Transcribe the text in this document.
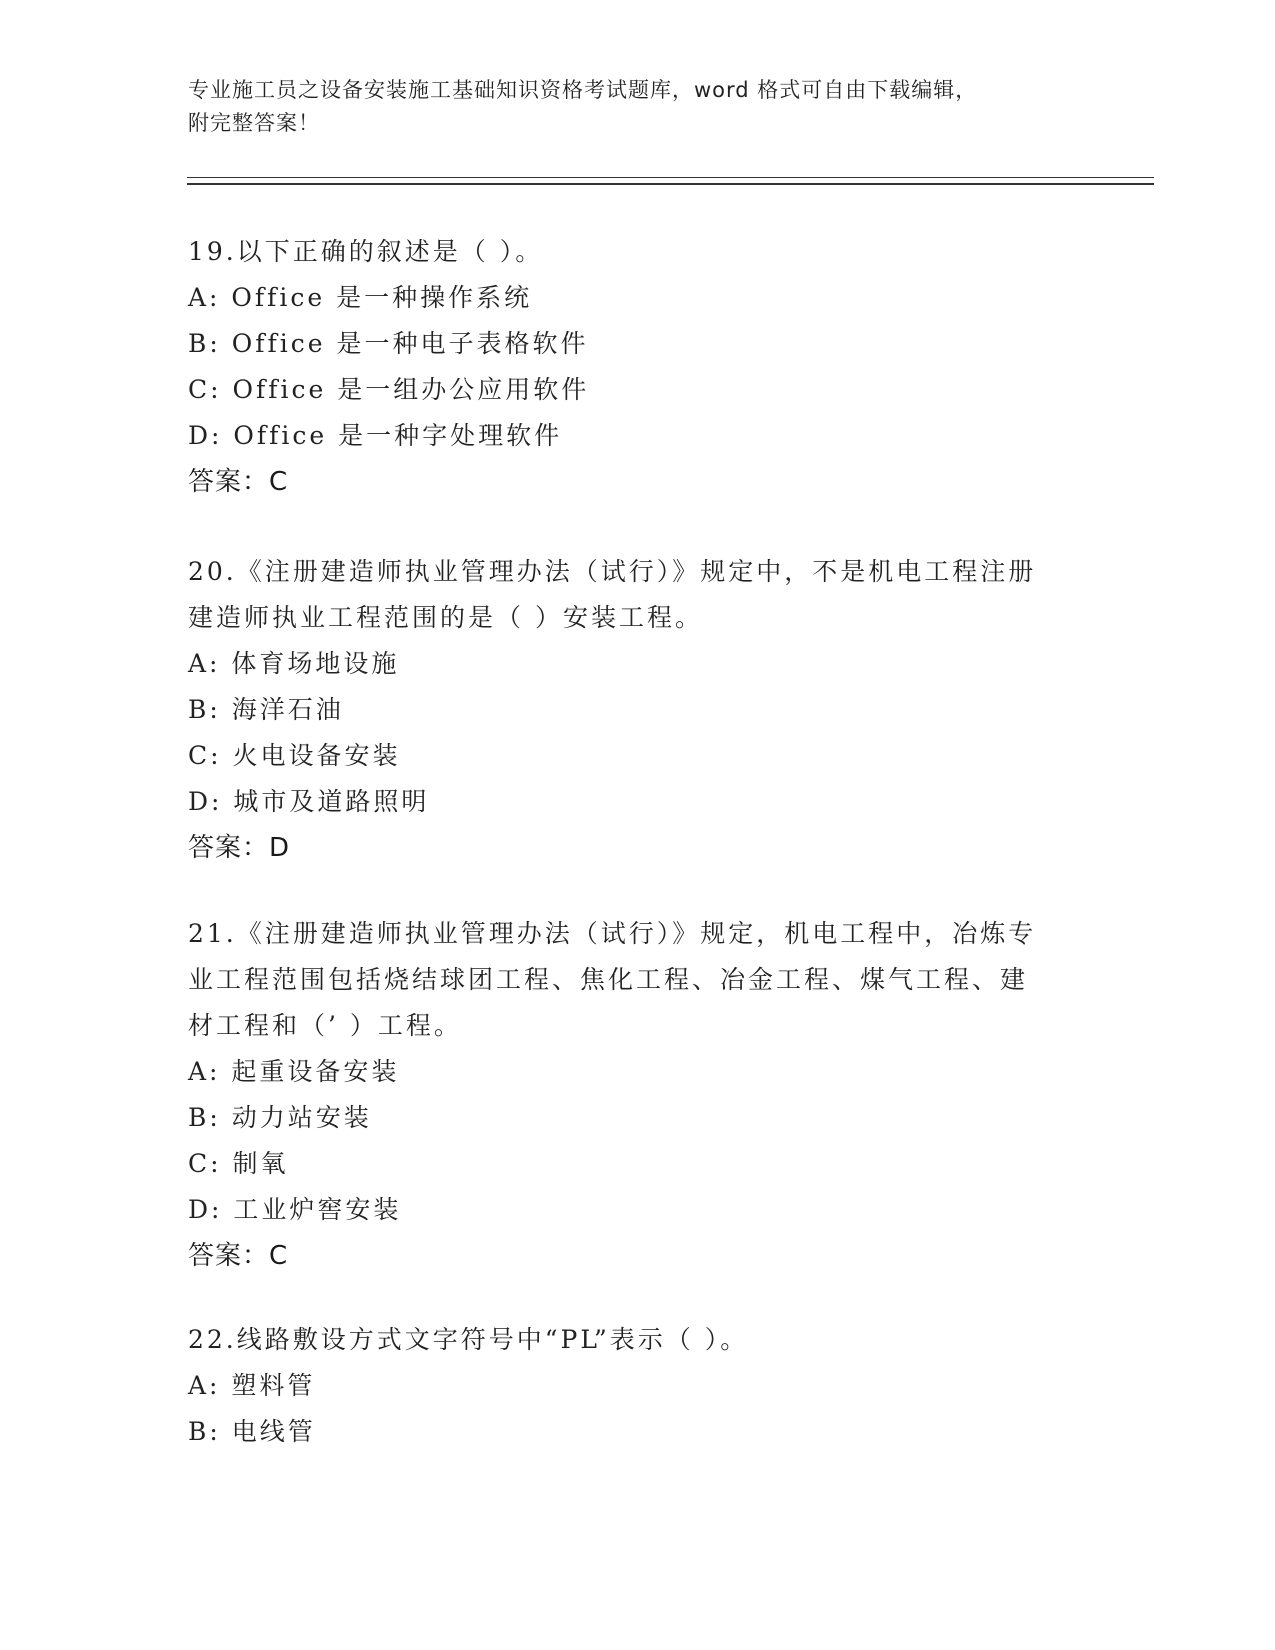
专业施工员之设备安装施工基础知识资格考试题库，word 格式可自由下载编辑，
附完整答案！
19.以下正确的叙述是（ ）。
A: Office 是一种操作系统
B: Office 是一种电子表格软件
C: Office 是一组办公应用软件
D: Office 是一种字处理软件
答案：C
20.《注册建造师执业管理办法（试行）》规定中，不是机电工程注册
建造师执业工程范围的是（ ）安装工程。
A: 体育场地设施
B: 海洋石油
C: 火电设备安装
D: 城市及道路照明
答案：D
21.《注册建造师执业管理办法（试行）》规定，机电工程中，冶炼专
业工程范围包括烧结球团工程、焦化工程、冶金工程、煤气工程、建
材工程和（’ ）工程。
A: 起重设备安装
B: 动力站安装
C: 制氧
D: 工业炉窖安装
答案：C
22.线路敷设方式文字符号中“PL”表示（ ）。
A: 塑料管
B: 电线管
